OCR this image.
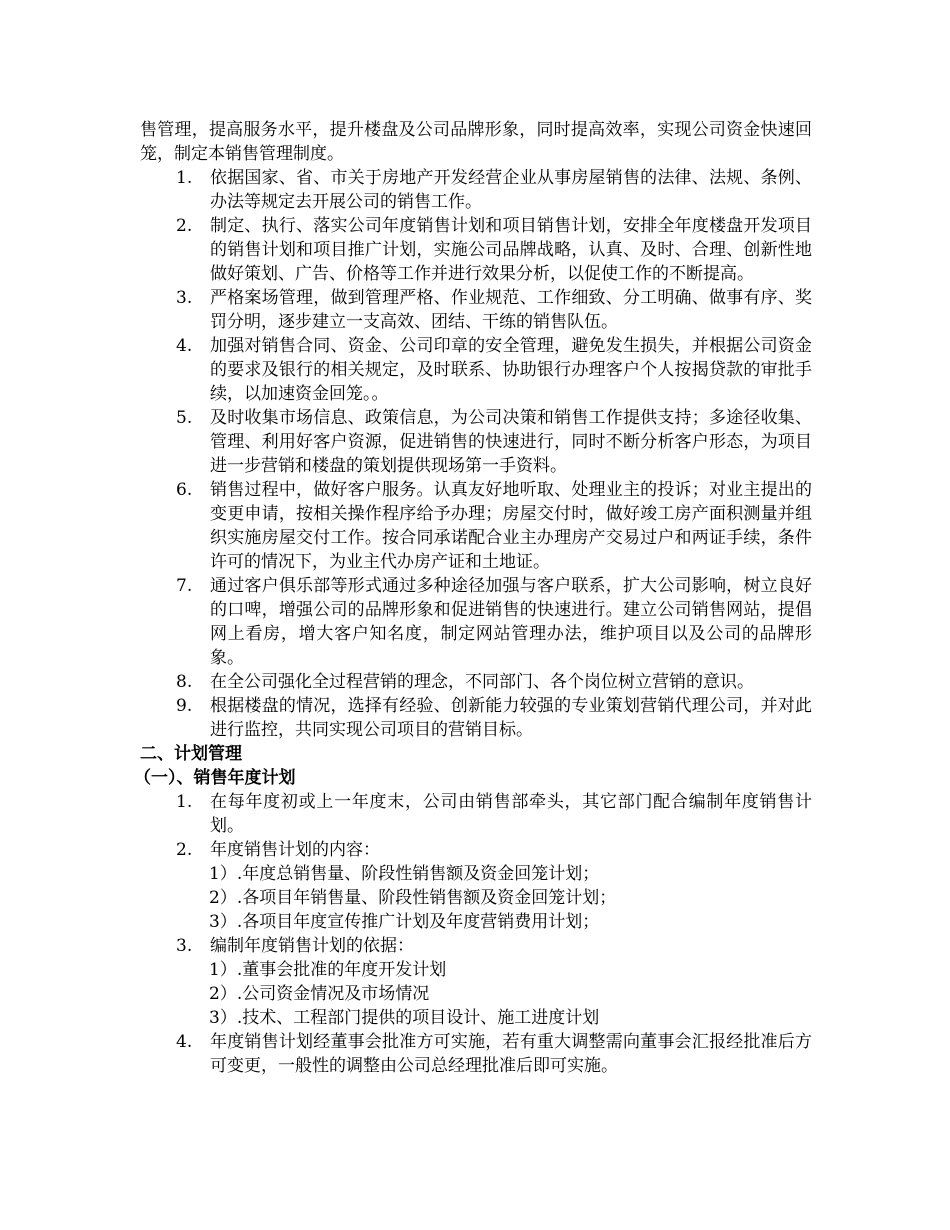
售管理，提高服务水平，提升楼盘及公司品牌形象，同时提高效率，实现公司资金快速回笼，制定本销售管理制度。

1.	依据国家、省、市关于房地产开发经营企业从事房屋销售的法律、法规、条例、办法等规定去开展公司的销售工作。
2.	制定、执行、落实公司年度销售计划和项目销售计划，安排全年度楼盘开发项目的销售计划和项目推广计划，实施公司品牌战略，认真、及时、合理、创新性地做好策划、广告、价格等工作并进行效果分析，以促使工作的不断提高。
3.	严格案场管理，做到管理严格、作业规范、工作细致、分工明确、做事有序、奖罚分明，逐步建立一支高效、团结、干练的销售队伍。
4.	加强对销售合同、资金、公司印章的安全管理，避免发生损失，并根据公司资金的要求及银行的相关规定，及时联系、协助银行办理客户个人按揭贷款的审批手续，以加速资金回笼。。
5.	及时收集市场信息、政策信息，为公司决策和销售工作提供支持；多途径收集、管理、利用好客户资源，促进销售的快速进行，同时不断分析客户形态，为项目进一步营销和楼盘的策划提供现场第一手资料。
6.	销售过程中，做好客户服务。认真友好地听取、处理业主的投诉；对业主提出的变更申请，按相关操作程序给予办理；房屋交付时，做好竣工房产面积测量并组织实施房屋交付工作。按合同承诺配合业主办理房产交易过户和两证手续，条件许可的情况下，为业主代办房产证和土地证。
7.	通过客户俱乐部等形式通过多种途径加强与客户联系，扩大公司影响，树立良好的口啤，增强公司的品牌形象和促进销售的快速进行。建立公司销售网站，提倡网上看房，增大客户知名度，制定网站管理办法，维护项目以及公司的品牌形象。
8.	在全公司强化全过程营销的理念，不同部门、各个岗位树立营销的意识。
9.	根据楼盘的情况，选择有经验、创新能力较强的专业策划营销代理公司，并对此进行监控，共同实现公司项目的营销目标。

二、计划管理

（一）、销售年度计划

1.	在每年度初或上一年度末，公司由销售部牵头，其它部门配合编制年度销售计划。
2.	年度销售计划的内容：
1）.年度总销售量、阶段性销售额及资金回笼计划；
2）.各项目年销售量、阶段性销售额及资金回笼计划；
3）.各项目年度宣传推广计划及年度营销费用计划；
3.	编制年度销售计划的依据：
1）.董事会批准的年度开发计划
2）.公司资金情况及市场情况
3）.技术、工程部门提供的项目设计、施工进度计划
4.	年度销售计划经董事会批准方可实施，若有重大调整需向董事会汇报经批准后方可变更，一般性的调整由公司总经理批准后即可实施。
